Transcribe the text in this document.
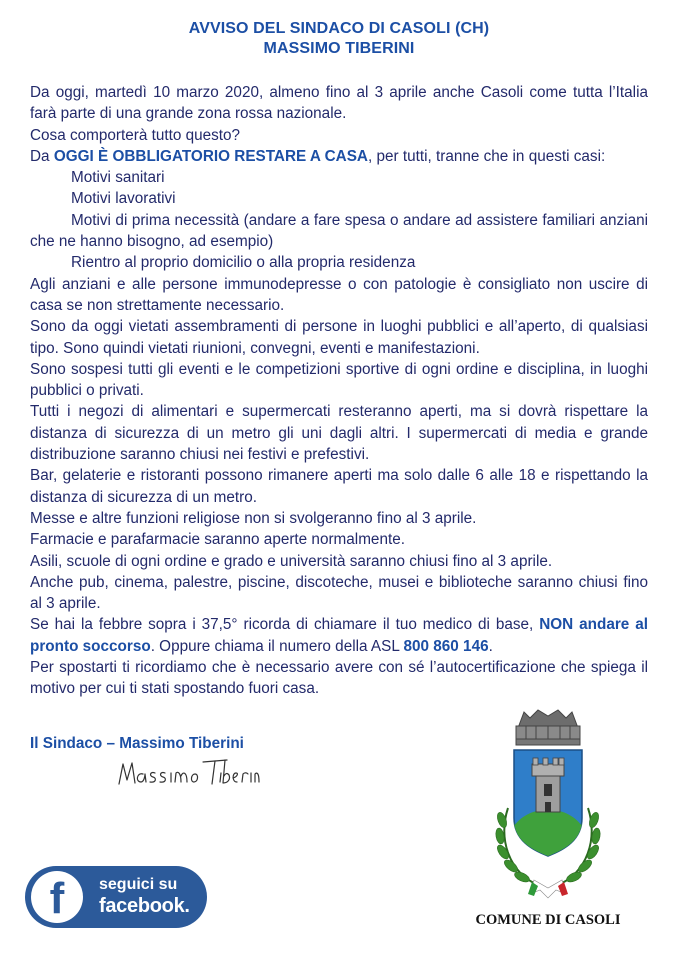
AVVISO DEL SINDACO DI CASOLI (CH)
MASSIMO TIBERINI

Da oggi, martedì 10 marzo 2020, almeno fino al 3 aprile anche Casoli come tutta l’Italia farà parte di una grande zona rossa nazionale.

Cosa comporterà tutto questo?

Da OGGI È OBBLIGATORIO RESTARE A CASA, per tutti, tranne che in questi casi:

Motivi sanitari

Motivi lavorativi

Motivi di prima necessità (andare a fare spesa o andare ad assistere familiari anziani che ne hanno bisogno, ad esempio)

Rientro al proprio domicilio o alla propria residenza

Agli anziani e alle persone immunodepresse o con patologie è consigliato non uscire di casa se non strettamente necessario.

Sono da oggi vietati assembramenti di persone in luoghi pubblici e all’aperto, di qualsiasi tipo. Sono quindi vietati riunioni, convegni, eventi e manifestazioni.

Sono sospesi tutti gli eventi e le competizioni sportive di ogni ordine e disciplina, in luoghi pubblici o privati.

Tutti i negozi di alimentari e supermercati resteranno aperti, ma si dovrà rispettare la distanza di sicurezza di un metro gli uni dagli altri. I supermercati di media e grande distribuzione saranno chiusi nei festivi e prefestivi.

Bar, gelaterie e ristoranti possono rimanere aperti ma solo dalle 6 alle 18 e rispettando la distanza di sicurezza di un metro.

Messe e altre funzioni religiose non si svolgeranno fino al 3 aprile.

Farmacie e parafarmacie saranno aperte normalmente.

Asili, scuole di ogni ordine e grado e università saranno chiusi fino al 3 aprile.

Anche pub, cinema, palestre, piscine, discoteche, musei e biblioteche saranno chiusi fino al 3 aprile.

Se hai la febbre sopra i 37,5° ricorda di chiamare il tuo medico di base, NON andare al pronto soccorso. Oppure chiama il numero della ASL 800 860 146.

Per spostarti ti ricordiamo che è necessario avere con sé l’autocertificazione che spiega il motivo per cui ti stati spostando fuori casa.

Il Sindaco – Massimo Tiberini
f	seguici su
facebook.
COMUNE DI CASOLI
